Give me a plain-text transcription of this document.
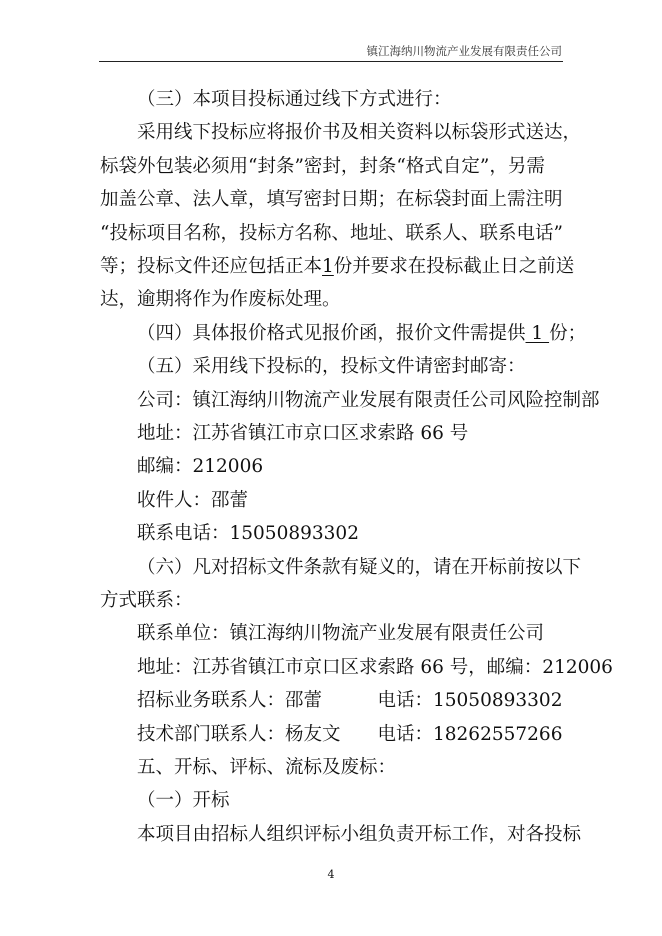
镇江海纳川物流产业发展有限责任公司
（三）本项目投标通过线下方式进行：
采用线下投标应将报价书及相关资料以标袋形式送达，
标袋外包装必须用“封条”密封，封条“格式自定”，另需
加盖公章、法人章，填写密封日期；在标袋封面上需注明
“投标项目名称，投标方名称、地址、联系人、联系电话”
等；投标文件还应包括正本1份并要求在投标截止日之前送
达，逾期将作为作废标处理。
（四）具体报价格式见报价函，报价文件需提供 1 份；
（五）采用线下投标的，投标文件请密封邮寄：
公司：镇江海纳川物流产业发展有限责任公司风险控制部
地址：江苏省镇江市京口区求索路 66 号
邮编：212006
收件人：邵蕾
联系电话：15050893302
（六）凡对招标文件条款有疑义的，请在开标前按以下
方式联系：
联系单位：镇江海纳川物流产业发展有限责任公司
地址：江苏省镇江市京口区求索路 66 号，邮编：212006
招标业务联系人：邵蕾　　　电话：15050893302
技术部门联系人：杨友文　　电话：18262557266
五、开标、评标、流标及废标：
（一）开标
本项目由招标人组织评标小组负责开标工作，对各投标
4
